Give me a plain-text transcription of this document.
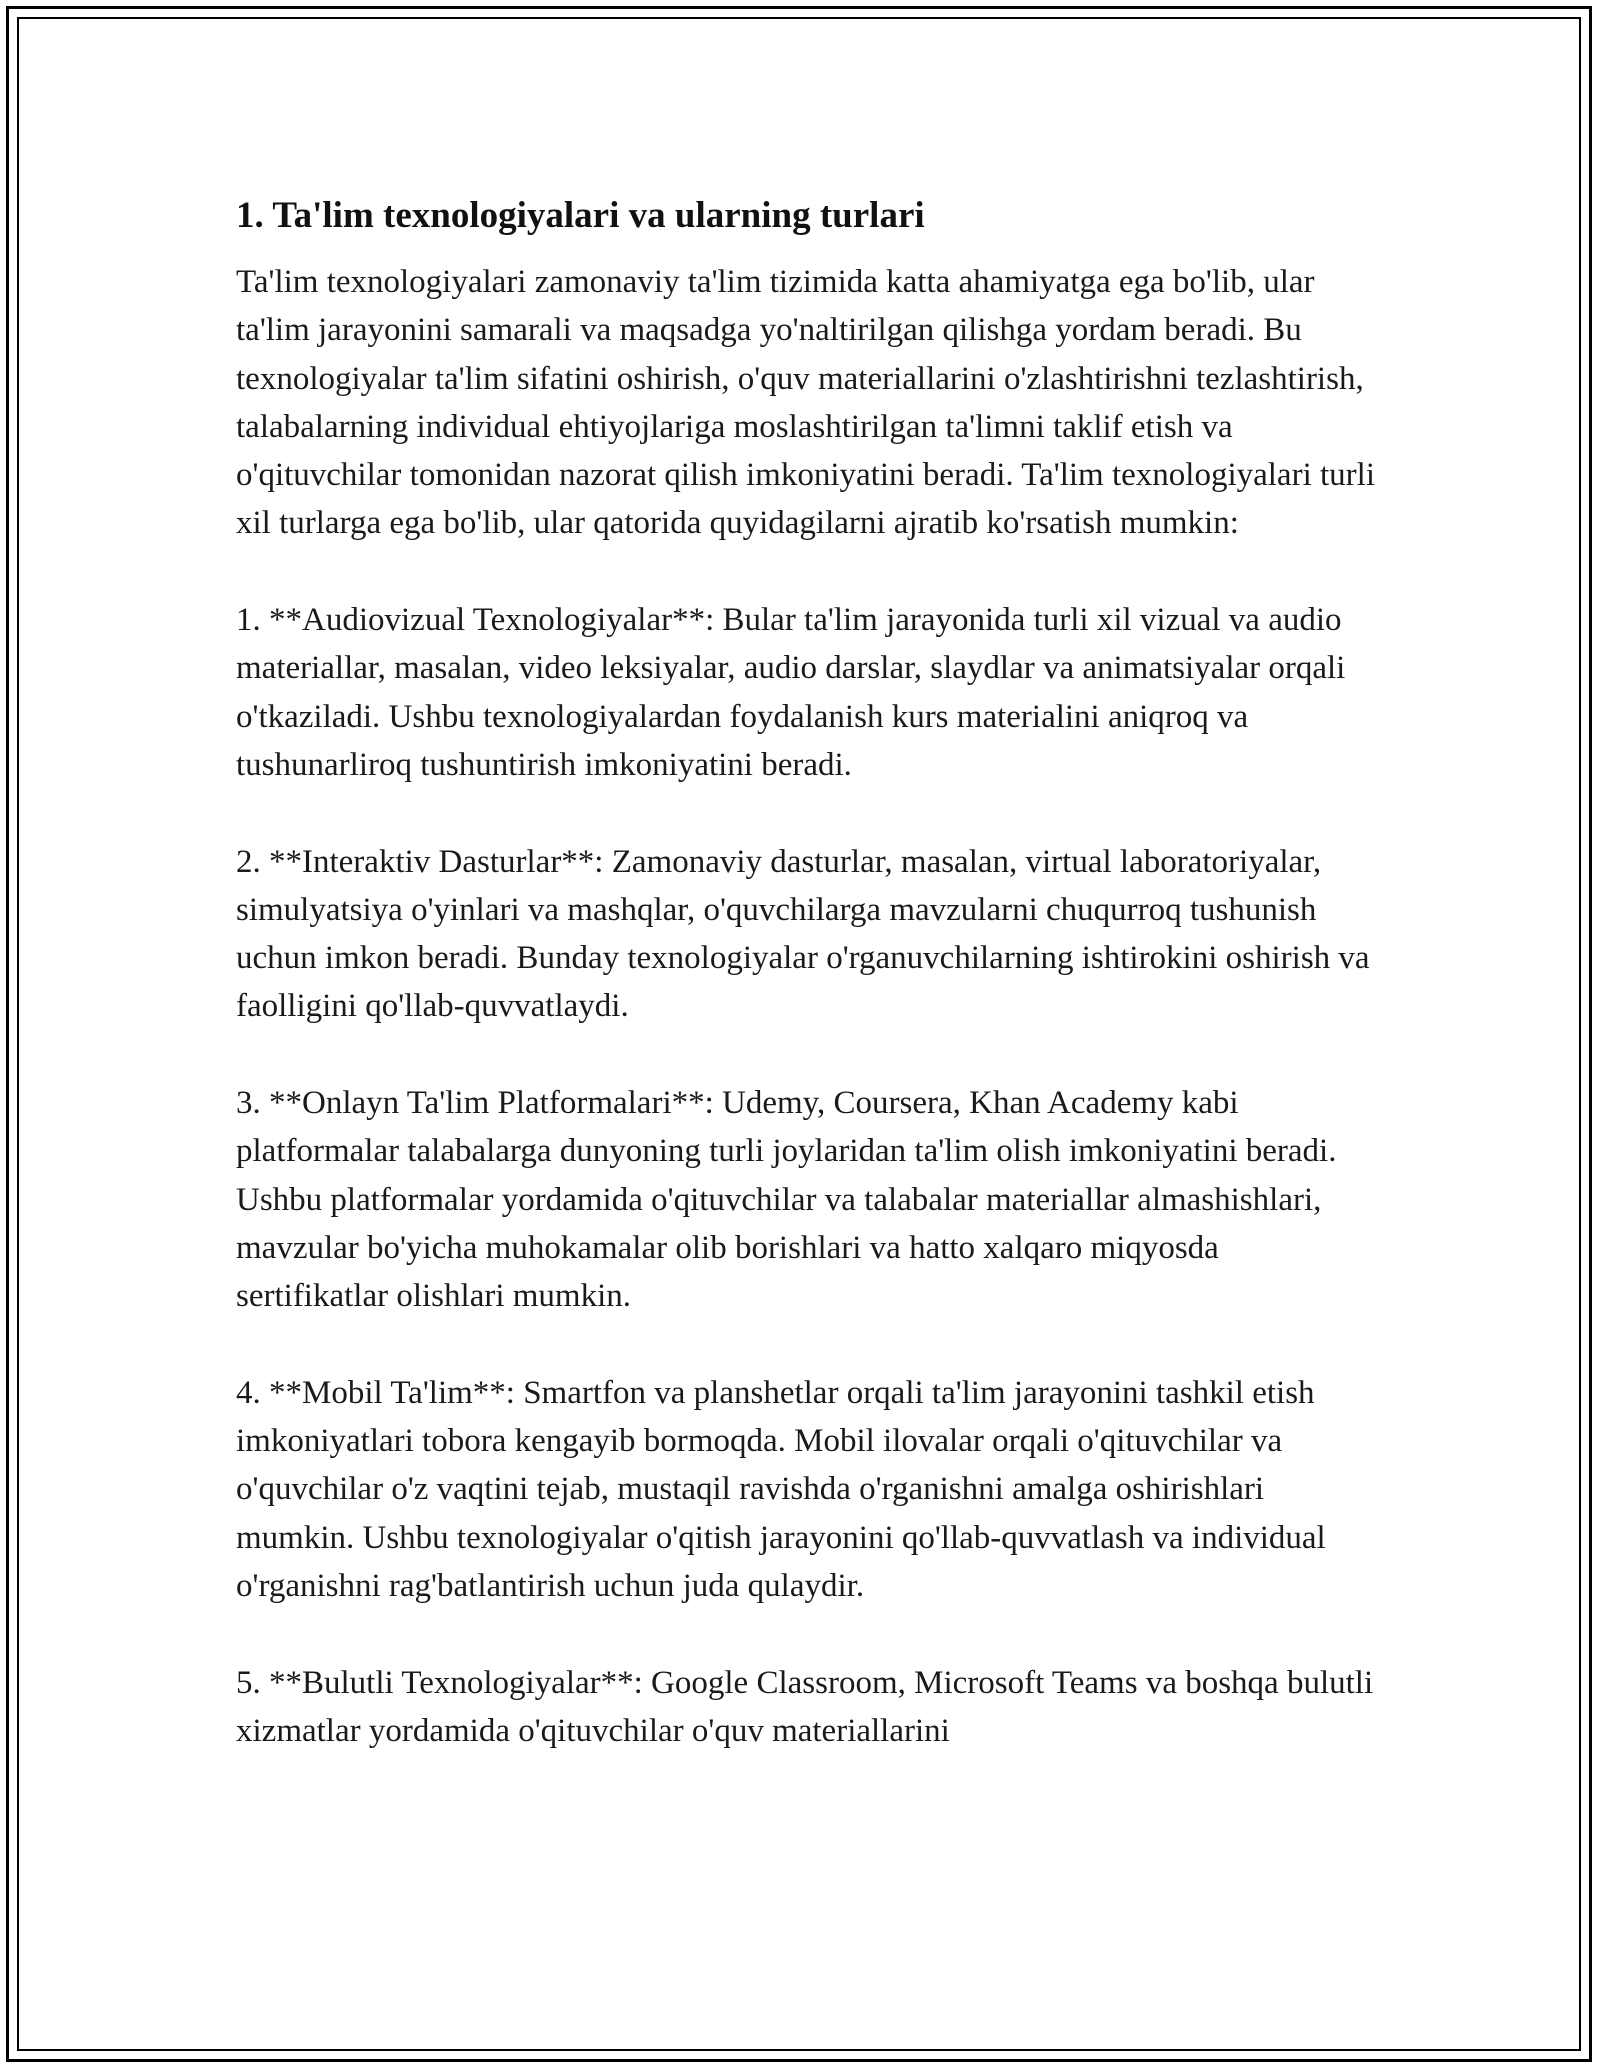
1. Ta'lim texnologiyalari va ularning turlari

Ta'lim texnologiyalari zamonaviy ta'lim tizimida katta ahamiyatga ega bo'lib, ular ta'lim jarayonini samarali va maqsadga yo'naltirilgan qilishga yordam beradi. Bu texnologiyalar ta'lim sifatini oshirish, o'quv materiallarini o'zlashtirishni tezlashtirish, talabalarning individual ehtiyojlariga moslashtirilgan ta'limni taklif etish va o'qituvchilar tomonidan nazorat qilish imkoniyatini beradi. Ta'lim texnologiyalari turli xil turlarga ega bo'lib, ular qatorida quyidagilarni ajratib ko'rsatish mumkin:

1. **Audiovizual Texnologiyalar**: Bular ta'lim jarayonida turli xil vizual va audio materiallar, masalan, video leksiyalar, audio darslar, slaydlar va animatsiyalar orqali o'tkaziladi. Ushbu texnologiyalardan foydalanish kurs materialini aniqroq va tushunarliroq tushuntirish imkoniyatini beradi.

2. **Interaktiv Dasturlar**: Zamonaviy dasturlar, masalan, virtual laboratoriyalar, simulyatsiya o'yinlari va mashqlar, o'quvchilarga mavzularni chuqurroq tushunish uchun imkon beradi. Bunday texnologiyalar o'rganuvchilarning ishtirokini oshirish va faolligini qo'llab-quvvatlaydi.

3. **Onlayn Ta'lim Platformalari**: Udemy, Coursera, Khan Academy kabi platformalar talabalarga dunyoning turli joylaridan ta'lim olish imkoniyatini beradi. Ushbu platformalar yordamida o'qituvchilar va talabalar materiallar almashishlari, mavzular bo'yicha muhokamalar olib borishlari va hatto xalqaro miqyosda sertifikatlar olishlari mumkin.

4. **Mobil Ta'lim**: Smartfon va planshetlar orqali ta'lim jarayonini tashkil etish imkoniyatlari tobora kengayib bormoqda. Mobil ilovalar orqali o'qituvchilar va o'quvchilar o'z vaqtini tejab, mustaqil ravishda o'rganishni amalga oshirishlari mumkin. Ushbu texnologiyalar o'qitish jarayonini qo'llab-quvvatlash va individual o'rganishni rag'batlantirish uchun juda qulaydir.

5. **Bulutli Texnologiyalar**: Google Classroom, Microsoft Teams va boshqa bulutli xizmatlar yordamida o'qituvchilar o'quv materiallarini
